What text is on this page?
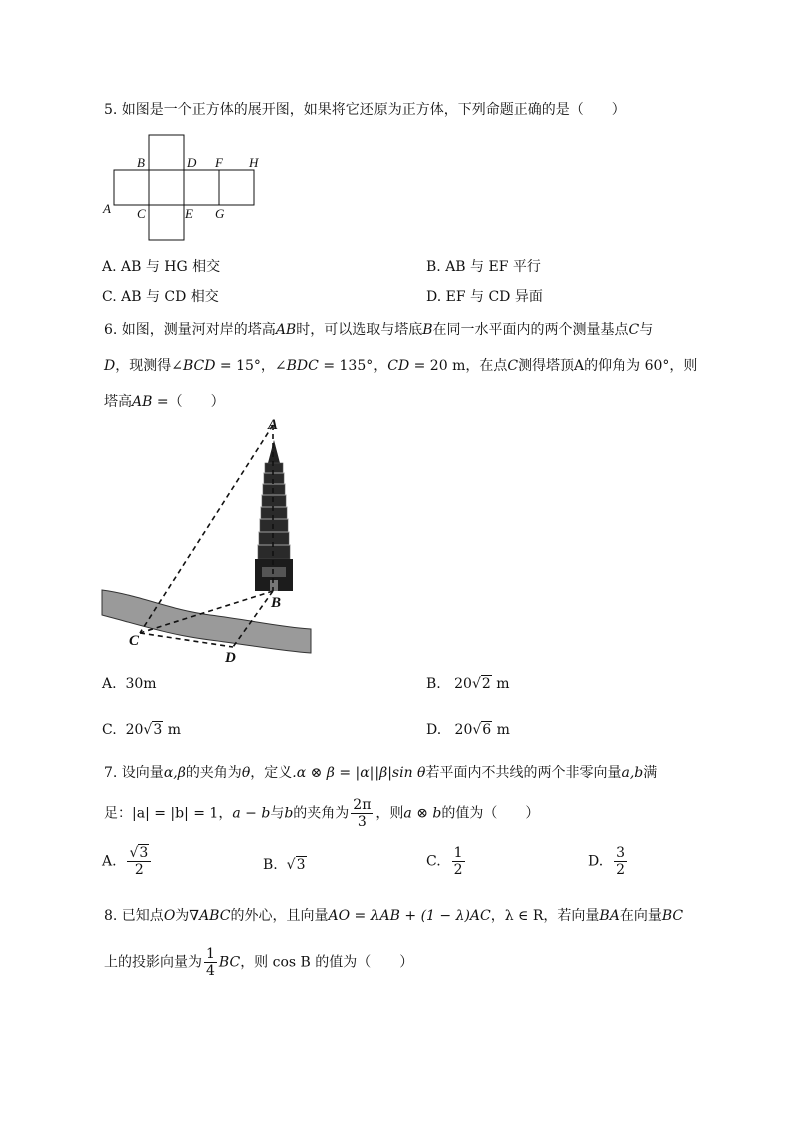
5. 如图是一个正方体的展开图，如果将它还原为正方体，下列命题正确的是（　　）
A
B
C
D
E
F
G
H
A. AB 与 HG 相交	B. AB 与 EF 平行
C. AB 与 CD 相交	D. EF 与 CD 异面
6. 如图，测量河对岸的塔高AB时，可以选取与塔底B在同一水平面内的两个测量基点C与
D，现测得∠BCD = 15°，∠BDC = 135°，CD = 20 m，在点C测得塔顶A的仰角为 60°，则
塔高AB =（　　）
A
B
C
D
A. 30m	B. 20√2 m
C. 20√3 m	D. 20√6 m
7. 设向量α,β的夹角为θ，定义.α ⊗ β = |α||β|sin θ若平面内不共线的两个非零向量a,b满
足：|a| = |b| = 1，a − b与b的夹角为 $\frac{2\pi}{3}$ ，则a ⊗ b的值为（　　）
A. $\frac{√3}{2}$	B.  √3	C. $\frac{1}{2}$	D. $\frac{3}{2}$
8. 已知点O为∇ABC的外心，且向量AO = λAB + (1 − λ)AC，λ ∈ R，若向量BA在向量BC
上的投影向量为 $\frac{1}{4}$ BC，则 cos B 的值为（　　）
